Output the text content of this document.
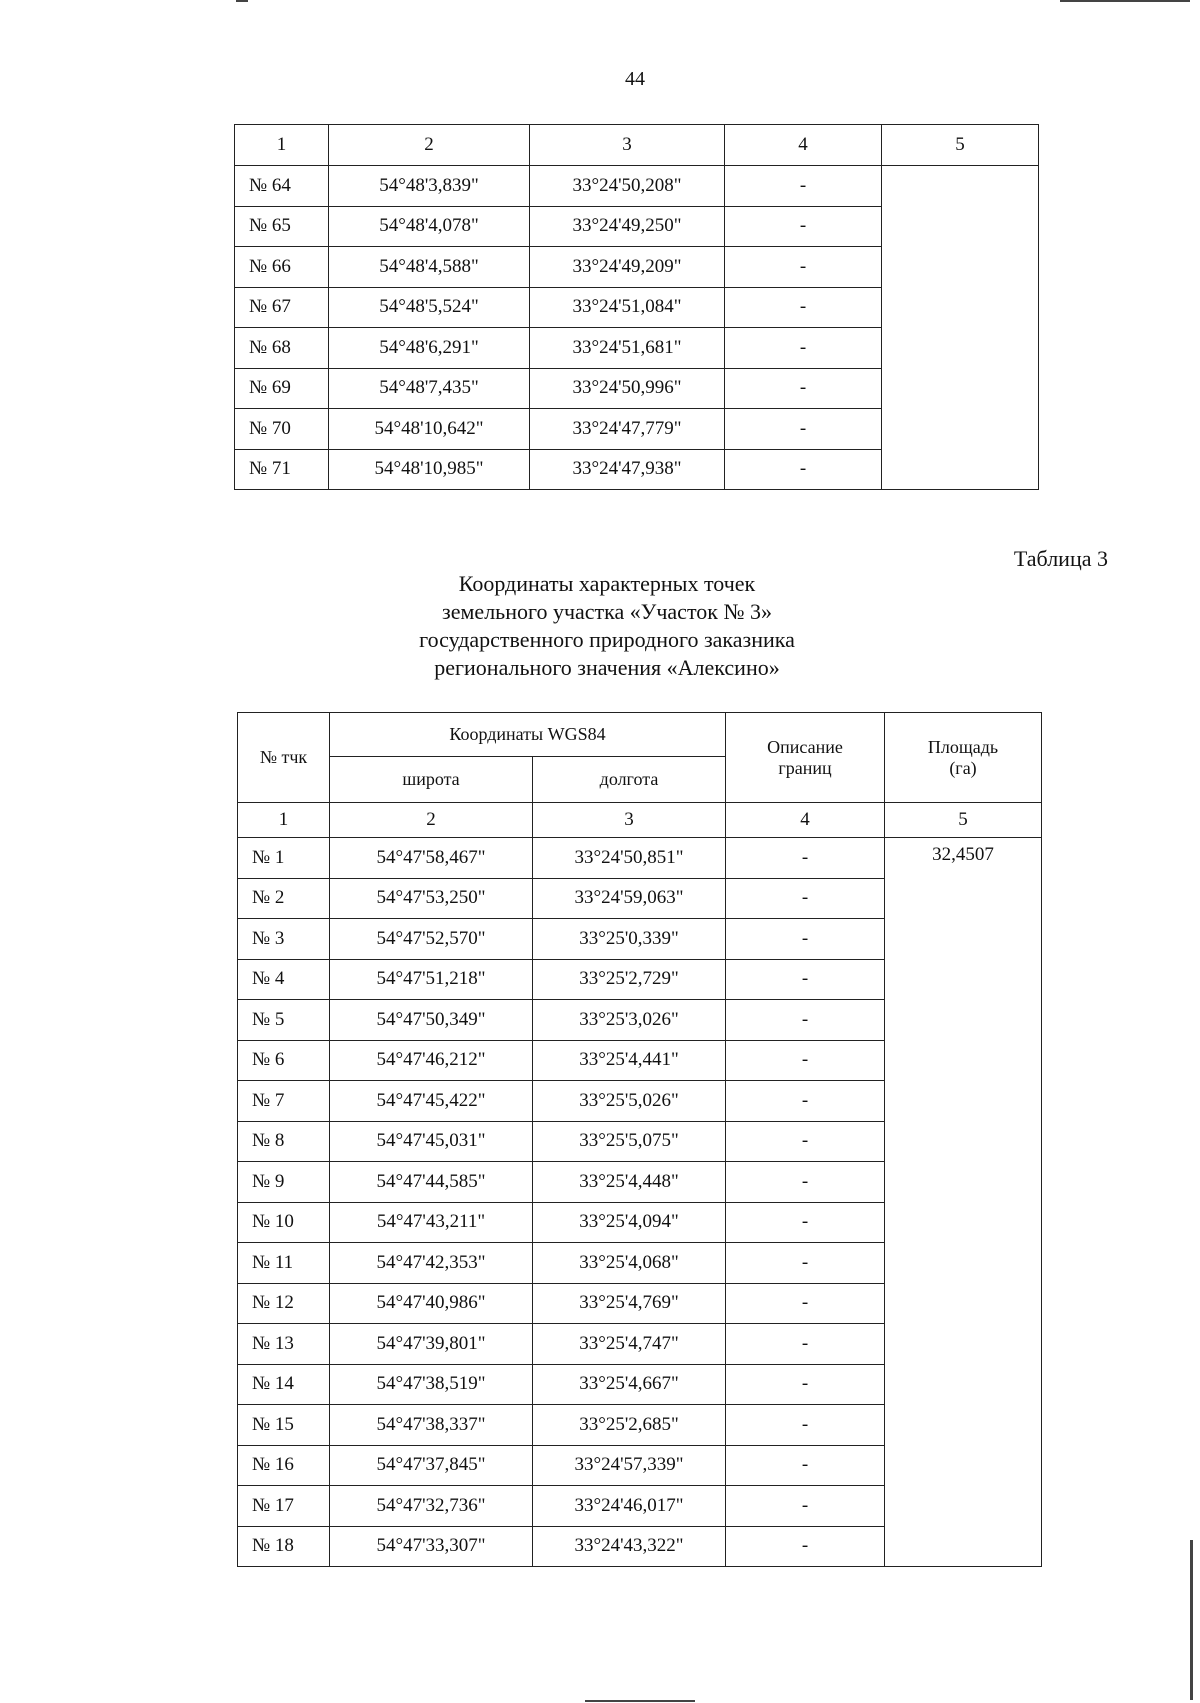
44
1	2	3	4	5
№ 64	54°48'3,839"	33°24'50,208"	-	
№ 65	54°48'4,078"	33°24'49,250"	-	
№ 66	54°48'4,588"	33°24'49,209"	-	
№ 67	54°48'5,524"	33°24'51,084"	-	
№ 68	54°48'6,291"	33°24'51,681"	-	
№ 69	54°48'7,435"	33°24'50,996"	-	
№ 70	54°48'10,642"	33°24'47,779"	-	
№ 71	54°48'10,985"	33°24'47,938"	-	
Таблица 3
Координаты характерных точек
земельного участка «Участок № 3»
государственного природного заказника
регионального значения «Алексино»
№ тчк	Координаты WGS84		Описание границ	Площадь (га)
	широта	долгота		
1	2	3	4	5
№ 1	54°47'58,467"	33°24'50,851"	-	32,4507
№ 2	54°47'53,250"	33°24'59,063"	-	
№ 3	54°47'52,570"	33°25'0,339"	-	
№ 4	54°47'51,218"	33°25'2,729"	-	
№ 5	54°47'50,349"	33°25'3,026"	-	
№ 6	54°47'46,212"	33°25'4,441"	-	
№ 7	54°47'45,422"	33°25'5,026"	-	
№ 8	54°47'45,031"	33°25'5,075"	-	
№ 9	54°47'44,585"	33°25'4,448"	-	
№ 10	54°47'43,211"	33°25'4,094"	-	
№ 11	54°47'42,353"	33°25'4,068"	-	
№ 12	54°47'40,986"	33°25'4,769"	-	
№ 13	54°47'39,801"	33°25'4,747"	-	
№ 14	54°47'38,519"	33°25'4,667"	-	
№ 15	54°47'38,337"	33°25'2,685"	-	
№ 16	54°47'37,845"	33°24'57,339"	-	
№ 17	54°47'32,736"	33°24'46,017"	-	
№ 18	54°47'33,307"	33°24'43,322"	-	
